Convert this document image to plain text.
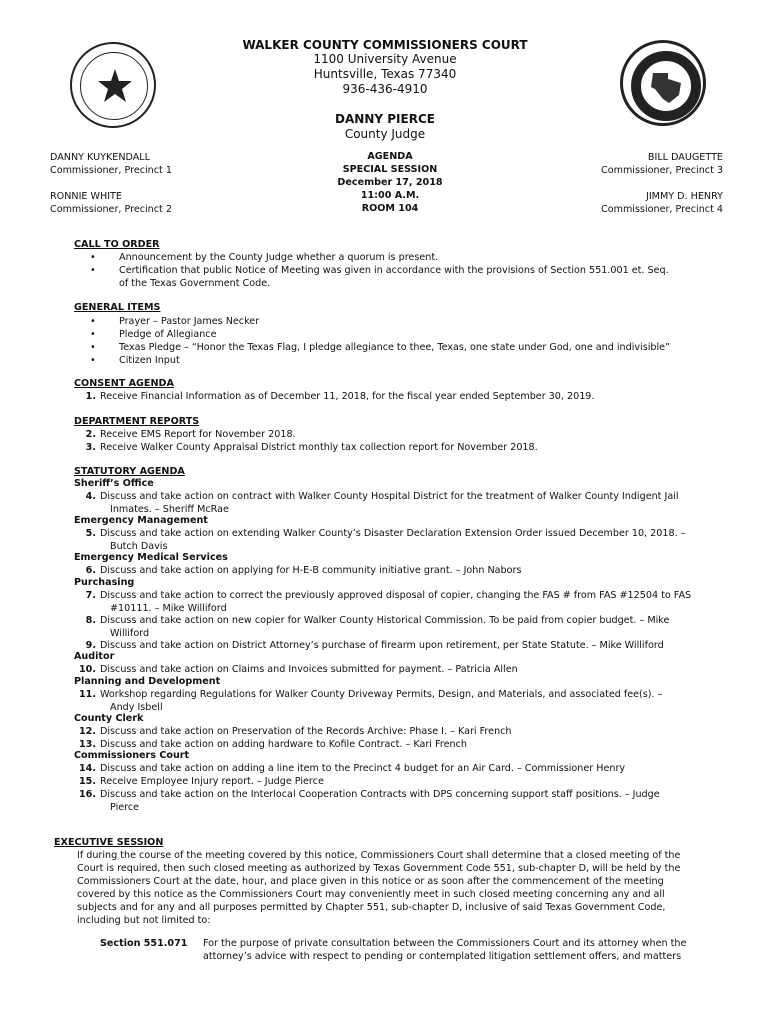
WALKER COUNTY COMMISSIONERS COURT
1100 University Avenue
Huntsville, Texas 77340
936-436-4910
DANNY PIERCE
County Judge
DANNY KUYKENDALL
Commissioner, Precinct 1
RONNIE WHITE
Commissioner, Precinct 2
BILL DAUGETTE
Commissioner, Precinct 3
JIMMY D. HENRY
Commissioner, Precinct 4
AGENDA
SPECIAL SESSION
December 17, 2018
11:00 A.M.
ROOM 104
CALL TO ORDER
• Announcement by the County Judge whether a quorum is present.
• Certification that public Notice of Meeting was given in accordance with the provisions of Section 551.001 et. Seq.
of the Texas Government Code.
GENERAL ITEMS
• Prayer – Pastor James Necker
• Pledge of Allegiance
• Texas Pledge – “Honor the Texas Flag, I pledge allegiance to thee, Texas, one state under God, one and indivisible”
• Citizen Input
CONSENT AGENDA
1. Receive Financial Information as of December 11, 2018, for the fiscal year ended September 30, 2019.
DEPARTMENT REPORTS
2. Receive EMS Report for November 2018.
3. Receive Walker County Appraisal District monthly tax collection report for November 2018.
STATUTORY AGENDA
Sheriff’s Office
4. Discuss and take action on contract with Walker County Hospital District for the treatment of Walker County Indigent Jail
Inmates. – Sheriff McRae
Emergency Management
5. Discuss and take action on extending Walker County’s Disaster Declaration Extension Order issued December 10, 2018. –
Butch Davis
Emergency Medical Services
6. Discuss and take action on applying for H-E-B community initiative grant. – John Nabors
Purchasing
7. Discuss and take action to correct the previously approved disposal of copier, changing the FAS # from FAS #12504 to FAS
#10111. – Mike Williford
8. Discuss and take action on new copier for Walker County Historical Commission. To be paid from copier budget. – Mike
Williford
9. Discuss and take action on District Attorney’s purchase of firearm upon retirement, per State Statute. – Mike Williford
Auditor
10. Discuss and take action on Claims and Invoices submitted for payment. – Patricia Allen
Planning and Development
11. Workshop regarding Regulations for Walker County Driveway Permits, Design, and Materials, and associated fee(s). –
Andy Isbell
County Clerk
12. Discuss and take action on Preservation of the Records Archive: Phase I. – Kari French
13. Discuss and take action on adding hardware to Kofile Contract. – Kari French
Commissioners Court
14. Discuss and take action on adding a line item to the Precinct 4 budget for an Air Card. – Commissioner Henry
15. Receive Employee Injury report. – Judge Pierce
16. Discuss and take action on the Interlocal Cooperation Contracts with DPS concerning support staff positions. – Judge
Pierce
EXECUTIVE SESSION
If during the course of the meeting covered by this notice, Commissioners Court shall determine that a closed meeting of the
Court is required, then such closed meeting as authorized by Texas Government Code 551, sub-chapter D, will be held by the
Commissioners Court at the date, hour, and place given in this notice or as soon after the commencement of the meeting
covered by this notice as the Commissioners Court may conveniently meet in such closed meeting concerning any and all
subjects and for any and all purposes permitted by Chapter 551, sub-chapter D, inclusive of said Texas Government Code,
including but not limited to:
Section 551.071 For the purpose of private consultation between the Commissioners Court and its attorney when the
attorney’s advice with respect to pending or contemplated litigation settlement offers, and matters
